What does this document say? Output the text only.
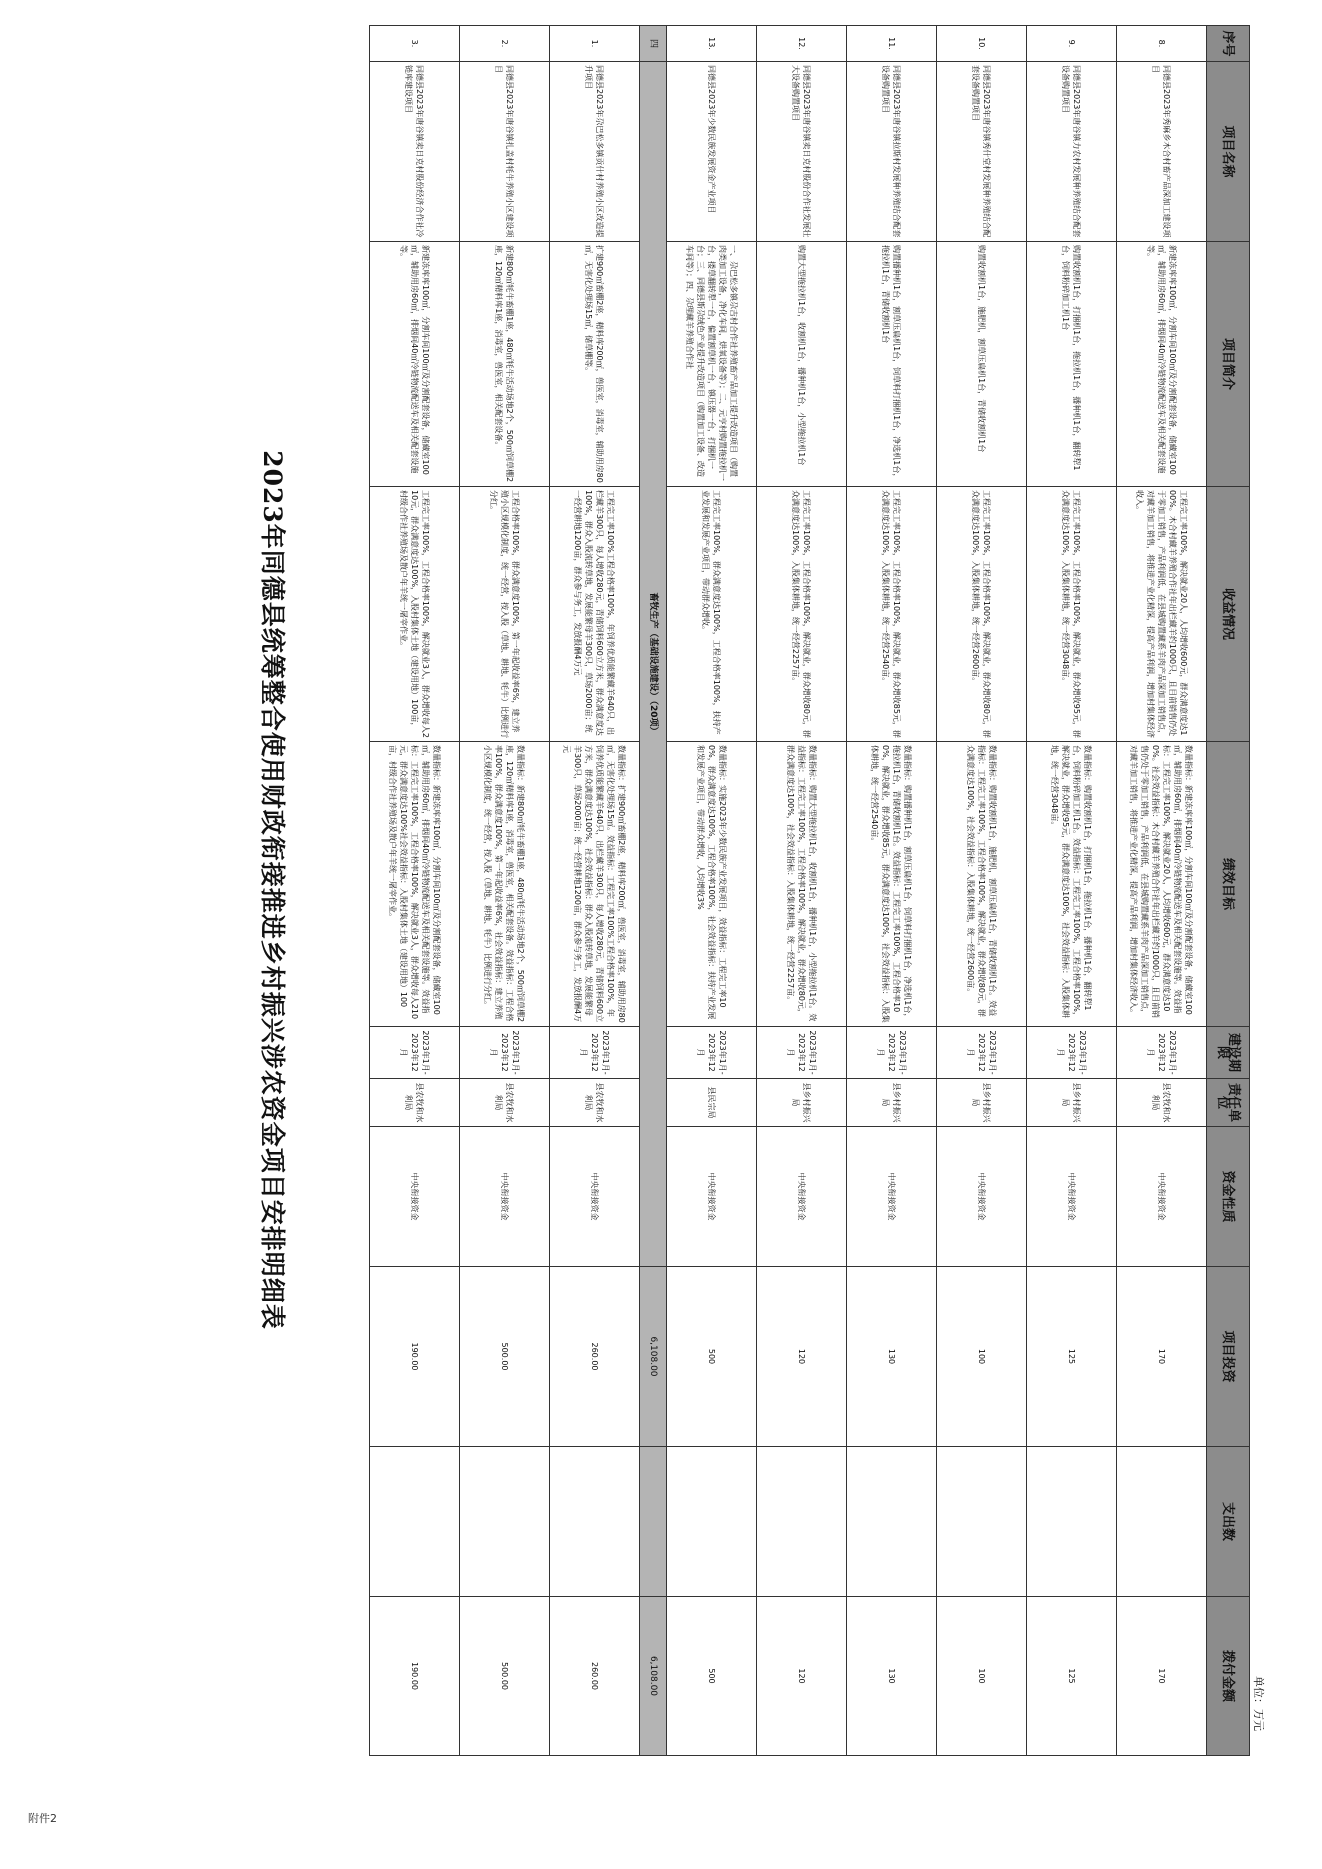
附件2
2023年同德县统筹整合使用财政衔接推进乡村振兴涉农资金项目安排明细表
单位：万元
序号	项目名称	项目简介	收益情况	绩效目标	建设期限	责任单位	资金性质	项目投资	支出数	拨付金额
8.	同德县2023年秀麻乡木合村畜产品深加工建设项目	新建冻库库100㎡，分割车间100㎡及分割配套设备，储藏室100㎡，辅助用房60㎡，排烟间40㎡冷链物流配送车及相关配套设施等。	工程完工率100%，解决就业20人，人均增收600元，群众满意度达100%。木合村藏羊养殖合作社年出栏藏羊约1000只，且目前销售仍处于零加工销售，产品利润低，在县城购置藏系羊肉产品深加工销售点，对藏羊加工销售，将推进产业化精深，提高产品利润，增加村集体经济收入。	数量指标：新建冻库库100㎡，分割车间100㎡及分割配套设备，储藏室100㎡，辅助用房60㎡，排烟间40㎡冷链物流配送车及相关配套设施等。效益指标：工程完工率100%，解决就业20人，人均增收600元，群众满意度达100%。社会效益指标：木合村藏羊养殖合作社年出栏藏羊约1000只，且目前销售仍处于零加工销售，产品利润低，在县城购置藏系羊肉产品深加工销售点，对藏羊加工销售，将推进产业化精深，提高产品利润，增加村集体经济收入。	2023年1月-2023年12月	县农牧和水利局	中央衔接资金	170		170
9.	同德县2023年唐谷镇力农村发展种养殖结合配套设备购置项目	购置收割机1台，打捆机1台，拖拉机1台，播种机1台，翻转犁1台，饲料粉碎加工机1台	工程完工率100%，工程合格率100%，解决就业，群众增收95元，群众满意度达100%，入股集体耕地，统一经营3048亩。	数量指标：购置收割机1台，打捆机1台，拖拉机1台，播种机1台，翻转犁1台，饲料粉碎加工机1台。效益指标：工程完工率100%，工程合格率100%，解决就业，群众增收95元，群众满意度达100%，社会效益指标：入股集体耕地，统一经营3048亩。	2023年1月-2023年12月	县乡村振兴局	中央衔接资金	125		125
10.	同德县2023年唐谷镇秀什堂村发展种养殖结合配套设备购置项目	购置收割机1台，施肥机，割草压扁机1台，青储收割机1台	工程完工率100%，工程合格率100%，解决就业，群众增收80元，群众满意度达100%，入股集体耕地，统一经营2600亩。	数量指标：购置收割机1台，施肥机，割草压扁机1台，青储收割机1台。效益指标：工程完工率100%，工程合格率100%，解决就业，群众增收80元，群众满意度达100%，社会效益指标：入股集体耕地，统一经营2600亩。	2023年1月-2023年12月	县乡村振兴局	中央衔接资金	100		100
11.	同德县2023年唐谷镇拉斯村发展种养殖结合配套设备购置项目	购置播种机1台，割草压扁机1台，饲草料打捆机1台，净选机1台，拖拉机1台，青储收割机1台	工程完工率100%，工程合格率100%，解决就业，群众增收85元，群众满意度达100%，入股集体耕地，统一经营2540亩。	数量指标：购置播种机1台，割草压扁机1台，饲草料打捆机1台，净选机1台，拖拉机1台，青储收割机1台。效益指标：工程完工率100%，工程合格率100%，解决就业，群众增收85元，群众满意度达100%，社会效益指标：入股集体耕地，统一经营2540亩。	2023年1月-2023年12月	县乡村振兴局	中央衔接资金	130		130
12.	同德县2023年唐谷镇卖日克村股份合作社发展壮大设备购置项目	购置大型拖拉机1台，收割机1台，播种机1台，小型拖拉机1台	工程完工率100%，工程合格率100%，解决就业，群众增收80元，群众满意度达100%，入股集体耕地，统一经营2257亩。	数量指标：购置大型拖拉机1台，收割机1台，播种机1台，小型拖拉机1台。效益指标：工程完工率100%，工程合格率100%，解决就业，群众增收80元，群众满意度达100%，社会效益指标：入股集体耕地，统一经营2257亩。	2023年1月-2023年12月	县乡村振兴局	中央衔接资金	120		120
13.	同德县2023年少数民族发展资金产业项目	一、尕巴松多镇尕吉村合作社养殖畜产品加工提升改造项目（购置肉类加工设备，净化车间，烘氧设备等）；二、元亨村购置拖拉机一台，搂草翻转犁一台，偏置割草机一台，镇压器一台，打捆机一台；三、同德县斯尕绒色产业提升改造项目（购置加工设备、改造车间等）；四、尕理藏羊养殖合作社	工程完工率100%，群众满意度达100%，工程合格率100%，扶持产业发展和发展产业项目，带动群众增收。	数量指标：实施2023年少数民族产业发展项目，效益指标：工程完工率100%，群众满意度达100%，工程合格率100%，社会效益指标：扶持产业发展和发展产业项目，带动群众增收，人均增收3%	2023年1月-2023年12月	县民宗局	中央衔接资金	500		500
四	畜牧生产（基础设施建设）（20项）							6,108.00		6,108.00
1.	同德县2023年尕巴松多镇贡什村养殖小区改造提升项目	扩建900㎡畜棚2座，精料库200㎡，兽医室，消毒室，辅助用房80㎡，无害化处理场15㎡，储草棚等。	工程完工率100%工程合格率100%，年饲养优质能繁藏羊640只，出栏藏羊300只，每人增收280元，青储饲料600立方米，群众满意度达100%，群众入股流转草地，发展能繁母羊300只，草场2000亩；统一经营耕地1200亩，群众参与务工，发放报酬4万元	数量指标：扩建900㎡畜棚2座，精料库200㎡，兽医室，消毒室，辅助用房80㎡，无害化处理场15㎡。效益指标：工程完工率100%工程合格率100%，年饲养优质能繁藏羊640只，出栏藏羊300只，每人增收280元，青储饲料600立方米，群众满意度达100%，社会效益指标：群众入股流转草地，发展能繁母羊300只，草场2000亩；统一经营耕地1200亩，群众参与务工，发放报酬4万元	2023年1月-2023年12月	县农牧和水利局	中央衔接资金	260.00		260.00
2.	同德县2023年唐谷镇扎盖村牦牛养殖小区建设项目	新建800㎡牦牛畜棚1座，480㎡牦牛活动场地2个，500㎡饲草棚2座，120㎡精料库1座，消毒室，兽医室，相关配套设备。	工程合格率100%，群众满意度100%，第一年起收益率6%，建立养殖小区规模化制度，统一经营，按入股（草地、耕地、牦牛）比例进行分红。	数量指标：新建800㎡牦牛畜棚1座，480㎡牦牛活动场地2个，500㎡饲草棚2座，120㎡精料库1座，消毒室，兽医室，相关配套设备。效益指标：工程合格率100%，群众满意度100%，第一年起收益率6%，社会效益指标：建立养殖小区规模化制度，统一经营，按入股（草地、耕地、牦牛）比例进行分红。	2023年1月-2023年12月	县农牧和水利局	中央衔接资金	500.00		500.00
3.	同德县2023年唐谷镇卖日克村股份经济合作社冷链库建设项目	新建冻库库100㎡，分割车间100㎡及分割配套设备，储藏室100㎡，辅助用房60㎡，排烟间40㎡冷链物流配送车及相关配套设施等。	工程完工率100%，工程合格率100%，解决就业3人，群众增收每人210元，群众满意度达100%，入股村集体土地（建设用地）100亩，村级合作社养殖场及散户年羊统一屠宰作业。	数量指标：新建冻库库100㎡，分割车间100㎡及分割配套设备，储藏室100㎡，辅助用房60㎡，排烟间40㎡冷链物流配送车及相关配套设施等。效益指标：工程完工率100%，工程合格率100%，解决就业3人，群众增收每人210元，群众满意度达100%社会效益指标：入股村集体土地（建设用地）100亩，村级合作社养殖场及散户年羊统一屠宰作业。	2023年1月-2023年12月	县农牧和水利局	中央衔接资金	190.00		190.00
